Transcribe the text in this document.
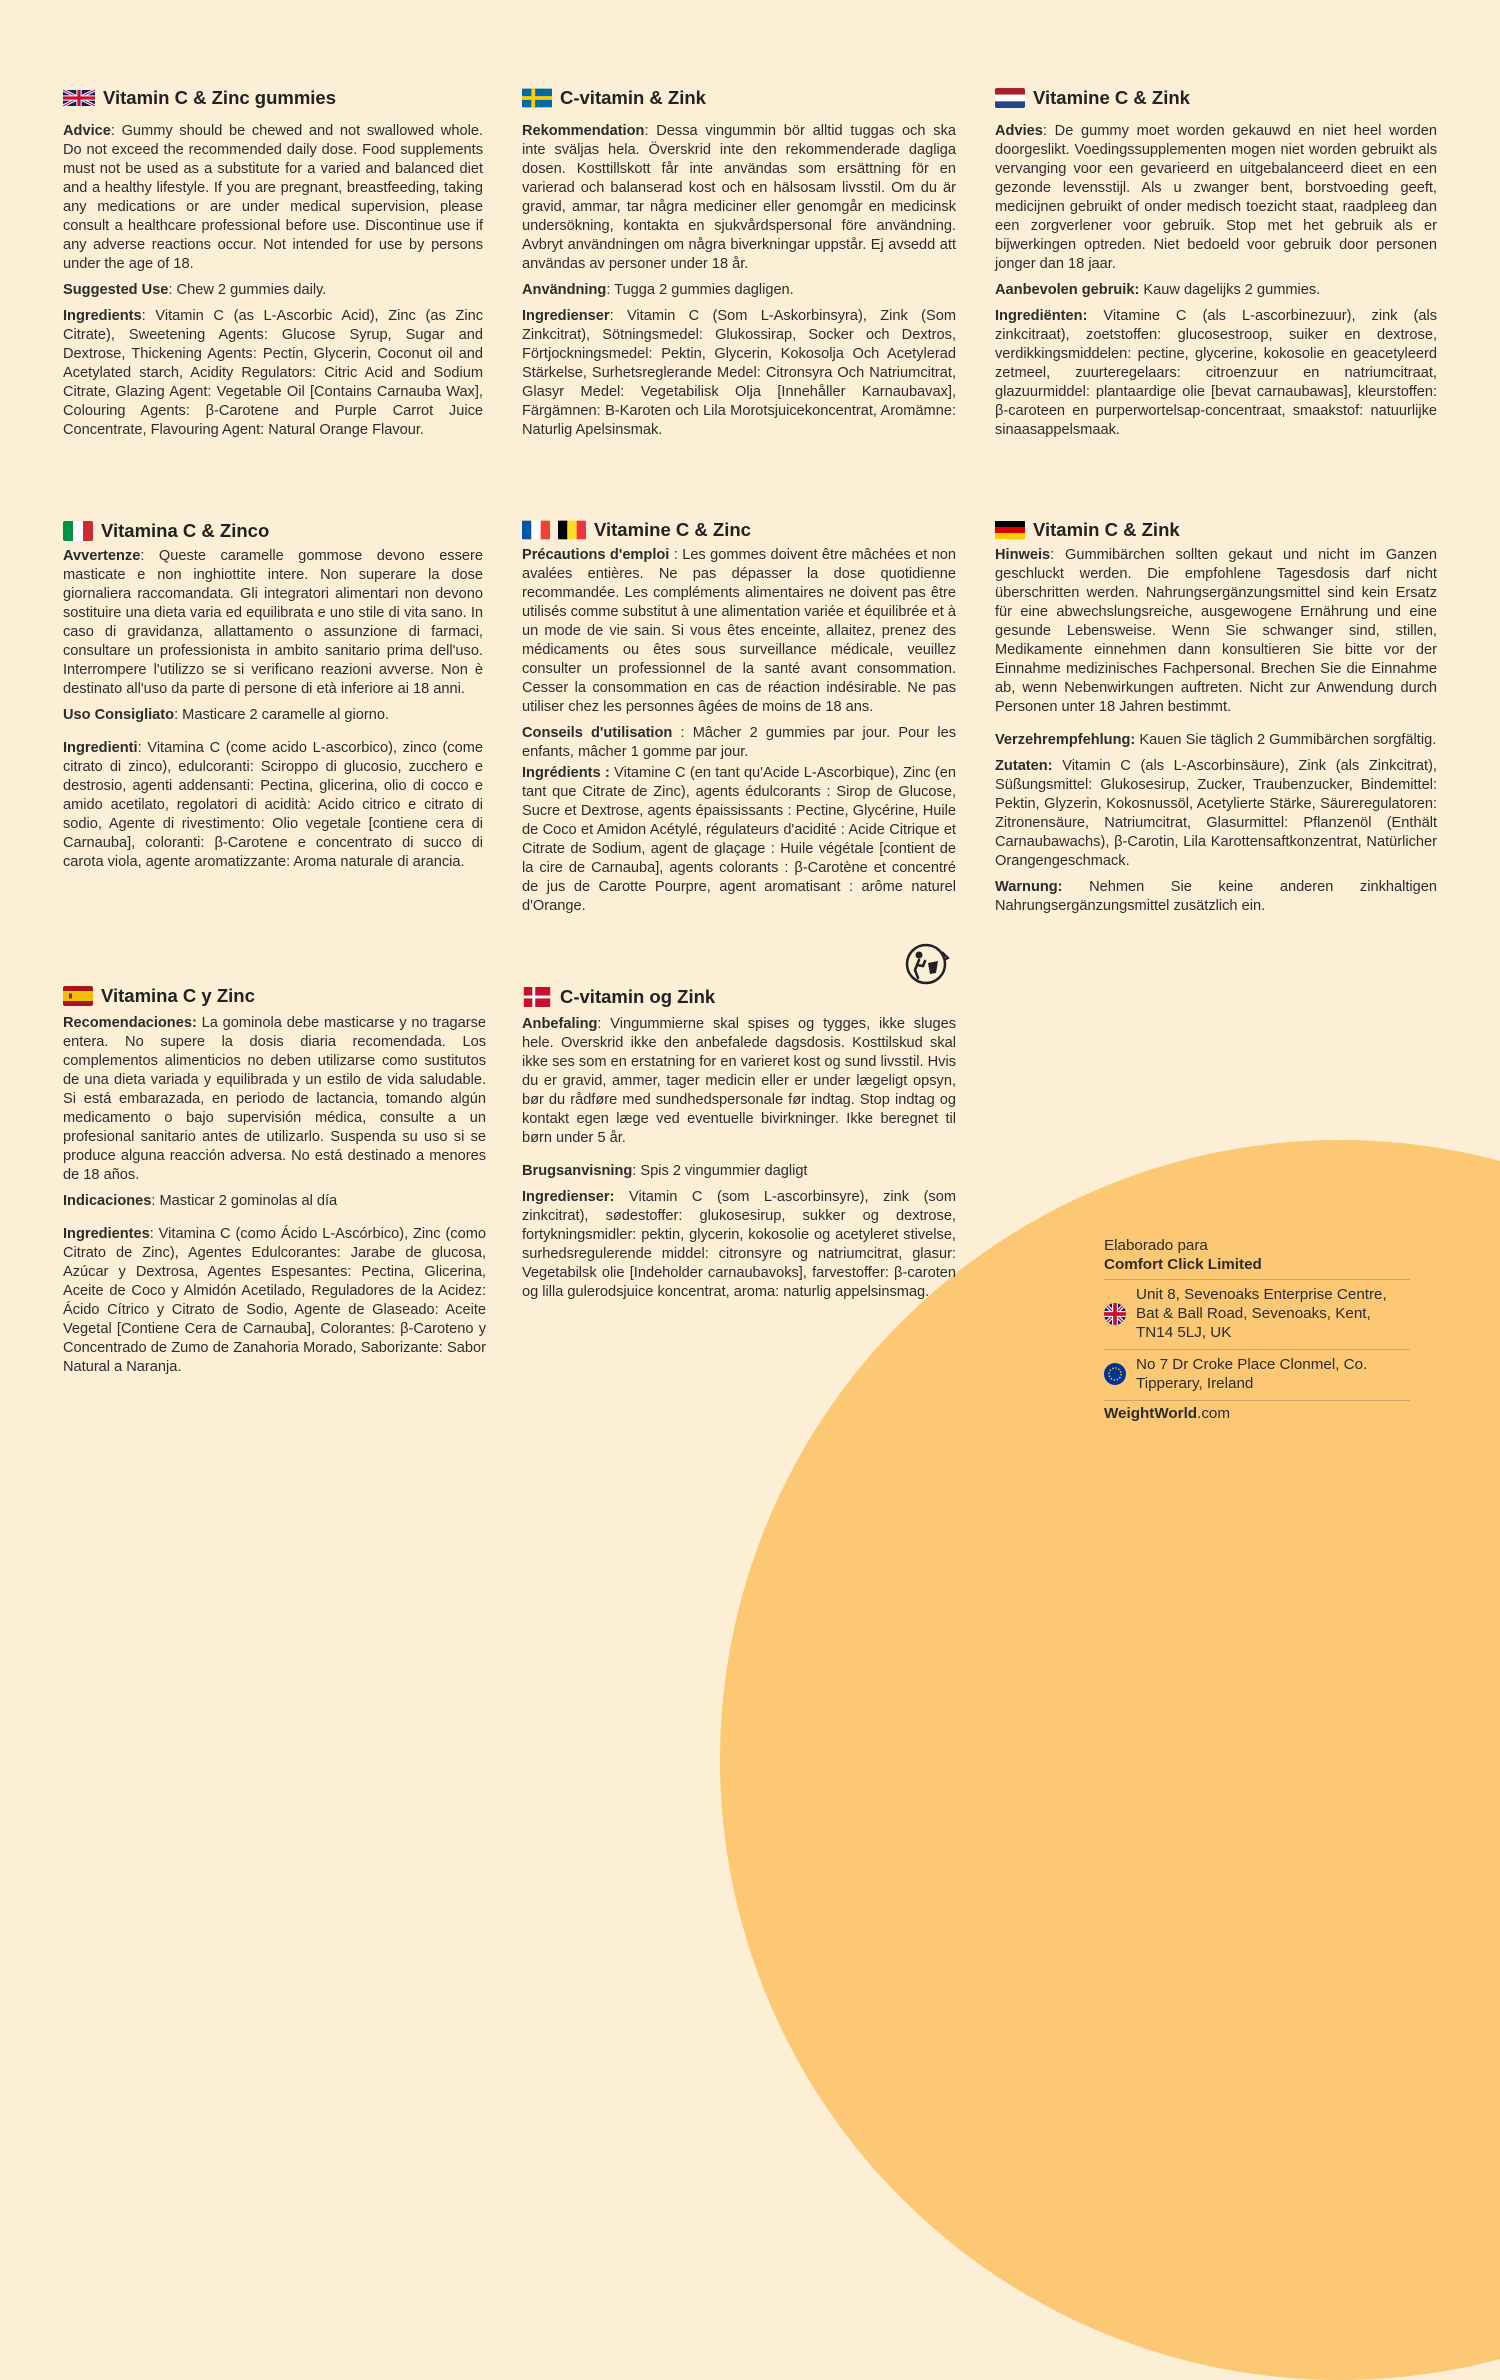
Vitamin C & Zinc gummies

Advice: Gummy should be chewed and not swallowed whole. Do not exceed the recommended daily dose. Food supplements must not be used as a substitute for a varied and balanced diet and a healthy lifestyle. If you are pregnant, breastfeeding, taking any medications or are under medical supervision, please consult a healthcare professional before use. Discontinue use if any adverse reactions occur. Not intended for use by persons under the age of 18.

Suggested Use: Chew 2 gummies daily.

Ingredients: Vitamin C (as L-Ascorbic Acid), Zinc (as Zinc Citrate), Sweetening Agents: Glucose Syrup, Sugar and Dextrose, Thickening Agents: Pectin, Glycerin, Coconut oil and Acetylated starch, Acidity Regulators: Citric Acid and Sodium Citrate, Glazing Agent: Vegetable Oil [Contains Carnauba Wax], Colouring Agents: β-Carotene and Purple Carrot Juice Concentrate, Flavouring Agent: Natural Orange Flavour.

C-vitamin & Zink

Rekommendation: Dessa vingummin bör alltid tuggas och ska inte sväljas hela. Överskrid inte den rekommenderade dagliga dosen. Kosttillskott får inte användas som ersättning för en varierad och balanserad kost och en hälsosam livsstil. Om du är gravid, ammar, tar några mediciner eller genomgår en medicinsk undersökning, kontakta en sjukvårdspersonal före användning. Avbryt användningen om några biverkningar uppstår. Ej avsedd att användas av personer under 18 år.

Användning: Tugga 2 gummies dagligen.

Ingredienser: Vitamin C (Som L-Askorbinsyra), Zink (Som Zinkcitrat), Sötningsmedel: Glukossirap, Socker och Dextros, Förtjockningsmedel: Pektin, Glycerin, Kokosolja Och Acetylerad Stärkelse, Surhetsreglerande Medel: Citronsyra Och Natriumcitrat, Glasyr Medel: Vegetabilisk Olja [Innehåller Karnaubavax], Färgämnen: Β-Karoten och Lila Morotsjuicekoncentrat, Aromämne: Naturlig Apelsinsmak.

Vitamine C & Zink

Advies: De gummy moet worden gekauwd en niet heel worden doorgeslikt. Voedingssupplementen mogen niet worden gebruikt als vervanging voor een gevarieerd en uitgebalanceerd dieet en een gezonde levensstijl. Als u zwanger bent, borstvoeding geeft, medicijnen gebruikt of onder medisch toezicht staat, raadpleeg dan een zorgverlener voor gebruik. Stop met het gebruik als er bijwerkingen optreden. Niet bedoeld voor gebruik door personen jonger dan 18 jaar.

Aanbevolen gebruik: Kauw dagelijks 2 gummies.

Ingrediënten: Vitamine C (als L-ascorbinezuur), zink (als zinkcitraat), zoetstoffen: glucosestroop, suiker en dextrose, verdikkingsmiddelen: pectine, glycerine, kokosolie en geacetyleerd zetmeel, zuurteregelaars: citroenzuur en natriumcitraat, glazuurmiddel: plantaardige olie [bevat carnaubawas], kleurstoffen: β-caroteen en purperwortelsap-concentraat, smaakstof: natuurlijke sinaasappelsmaak.

Vitamina C & Zinco

Avvertenze: Queste caramelle gommose devono essere masticate e non inghiottite intere. Non superare la dose giornaliera raccomandata. Gli integratori alimentari non devono sostituire una dieta varia ed equilibrata e uno stile di vita sano. In caso di gravidanza, allattamento o assunzione di farmaci, consultare un professionista in ambito sanitario prima dell'uso. Interrompere l'utilizzo se si verificano reazioni avverse. Non è destinato all'uso da parte di persone di età inferiore ai 18 anni.

Uso Consigliato: Masticare 2 caramelle al giorno.

Ingredienti: Vitamina C (come acido L-ascorbico), zinco (come citrato di zinco), edulcoranti: Sciroppo di glucosio, zucchero e destrosio, agenti addensanti: Pectina, glicerina, olio di cocco e amido acetilato, regolatori di acidità: Acido citrico e citrato di sodio, Agente di rivestimento: Olio vegetale [contiene cera di Carnauba], coloranti: β-Carotene e concentrato di succo di carota viola, agente aromatizzante: Aroma naturale di arancia.

Vitamine C & Zinc

Précautions d'emploi : Les gommes doivent être mâchées et non avalées entières. Ne pas dépasser la dose quotidienne recommandée. Les compléments alimentaires ne doivent pas être utilisés comme substitut à une alimentation variée et équilibrée et à un mode de vie sain. Si vous êtes enceinte, allaitez, prenez des médicaments ou êtes sous surveillance médicale, veuillez consulter un professionnel de la santé avant consommation. Cesser la consommation en cas de réaction indésirable. Ne pas utiliser chez les personnes âgées de moins de 18 ans.

Conseils d'utilisation : Mâcher 2 gummies par jour. Pour les enfants, mâcher 1 gomme par jour.

Ingrédients : Vitamine C (en tant qu'Acide L-Ascorbique), Zinc (en tant que Citrate de Zinc), agents édulcorants : Sirop de Glucose, Sucre et Dextrose, agents épaississants : Pectine, Glycérine, Huile de Coco et Amidon Acétylé, régulateurs d'acidité : Acide Citrique et Citrate de Sodium, agent de glaçage : Huile végétale [contient de la cire de Carnauba], agents colorants : β-Carotène et concentré de jus de Carotte Pourpre, agent aromatisant : arôme naturel d'Orange.

Vitamin C & Zink

Hinweis: Gummibärchen sollten gekaut und nicht im Ganzen geschluckt werden. Die empfohlene Tagesdosis darf nicht überschritten werden. Nahrungsergänzungsmittel sind kein Ersatz für eine abwechslungsreiche, ausgewogene Ernährung und eine gesunde Lebensweise. Wenn Sie schwanger sind, stillen, Medikamente einnehmen dann konsultieren Sie bitte vor der Einnahme medizinisches Fachpersonal. Brechen Sie die Einnahme ab, wenn Nebenwirkungen auftreten. Nicht zur Anwendung durch Personen unter 18 Jahren bestimmt.

Verzehrempfehlung: Kauen Sie täglich 2 Gummibärchen sorgfältig.

Zutaten: Vitamin C (als L-Ascorbinsäure), Zink (als Zinkcitrat), Süßungsmittel: Glukosesirup, Zucker, Traubenzucker, Bindemittel: Pektin, Glyzerin, Kokosnussöl, Acetylierte Stärke, Säureregulatoren: Zitronensäure, Natriumcitrat, Glasurmittel: Pflanzenöl (Enthält Carnaubawachs), β-Carotin, Lila Karottensaftkonzentrat, Natürlicher Orangengeschmack.

Warnung: Nehmen Sie keine anderen zinkhaltigen Nahrungsergänzungsmittel zusätzlich ein.

Vitamina C y Zinc

Recomendaciones: La gominola debe masticarse y no tragarse entera. No supere la dosis diaria recomendada. Los complementos alimenticios no deben utilizarse como sustitutos de una dieta variada y equilibrada y un estilo de vida saludable. Si está embarazada, en periodo de lactancia, tomando algún medicamento o bajo supervisión médica, consulte a un profesional sanitario antes de utilizarlo. Suspenda su uso si se produce alguna reacción adversa. No está destinado a menores de 18 años.

Indicaciones: Masticar 2 gominolas al día

Ingredientes: Vitamina C (como Ácido L-Ascórbico), Zinc (como Citrato de Zinc), Agentes Edulcorantes: Jarabe de glucosa, Azúcar y Dextrosa, Agentes Espesantes: Pectina, Glicerina, Aceite de Coco y Almidón Acetilado, Reguladores de la Acidez: Ácido Cítrico y Citrato de Sodio, Agente de Glaseado: Aceite Vegetal [Contiene Cera de Carnauba], Colorantes: β-Caroteno y Concentrado de Zumo de Zanahoria Morado, Saborizante: Sabor Natural a Naranja.

C-vitamin og Zink

Anbefaling: Vingummierne skal spises og tygges, ikke sluges hele. Overskrid ikke den anbefalede dagsdosis. Kosttilskud skal ikke ses som en erstatning for en varieret kost og sund livsstil. Hvis du er gravid, ammer, tager medicin eller er under lægeligt opsyn, bør du rådføre med sundhedspersonale før indtag. Stop indtag og kontakt egen læge ved eventuelle bivirkninger. Ikke beregnet til børn under 5 år.

Brugsanvisning: Spis 2 vingummier dagligt

Ingredienser: Vitamin C (som L-ascorbinsyre), zink (som zinkcitrat), sødestoffer: glukosesirup, sukker og dextrose, fortykningsmidler: pektin, glycerin, kokosolie og acetyleret stivelse, surhedsregulerende middel: citronsyre og natriumcitrat, glasur: Vegetabilsk olie [Indeholder carnaubavoks], farvestoffer: β-caroten og lilla gulerodsjuice koncentrat, aroma: naturlig appelsinsmag.

Elaborado para
Comfort Click Limited
Unit 8, Sevenoaks Enterprise Centre, Bat & Ball Road, Sevenoaks, Kent, TN14 5LJ, UK
No 7 Dr Croke Place Clonmel, Co. Tipperary, Ireland
WeightWorld.com
